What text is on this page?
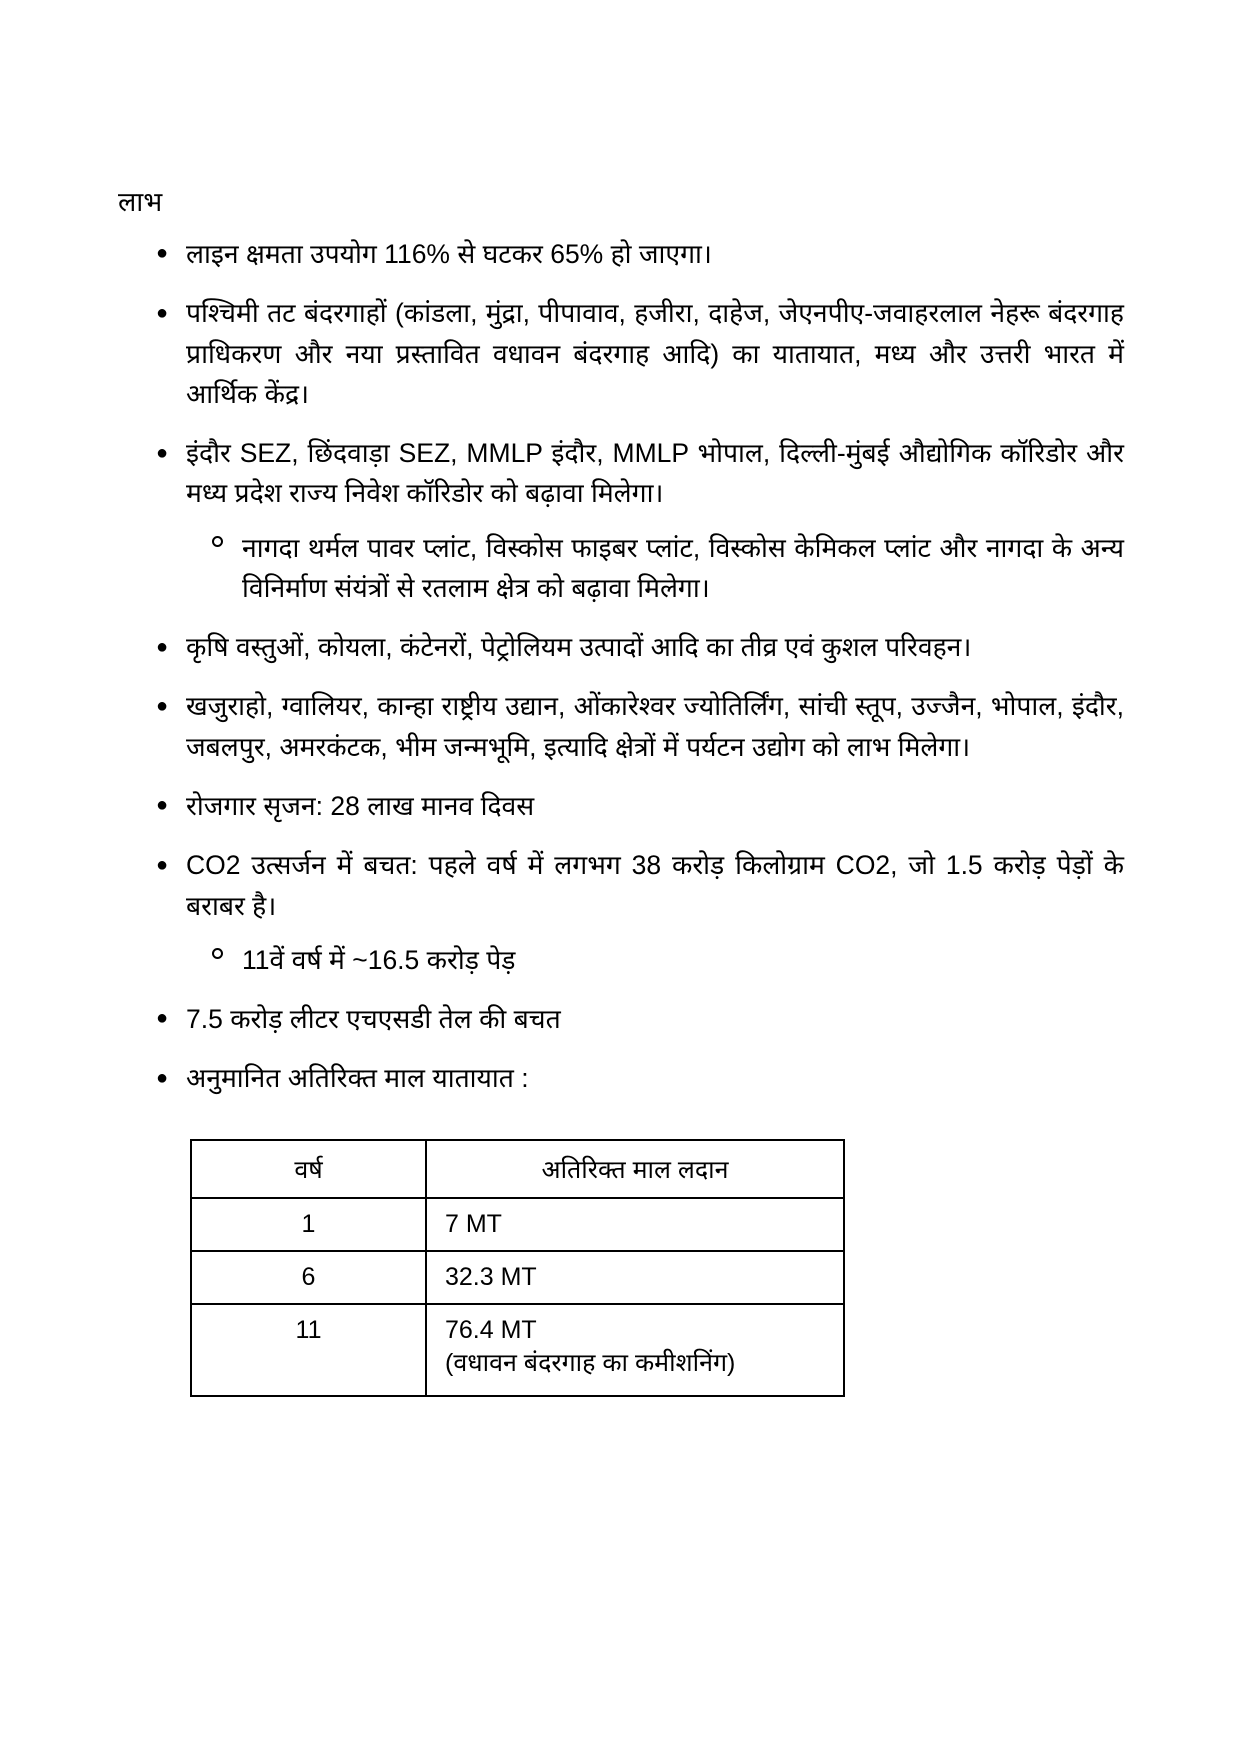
लाभ
● लाइन क्षमता उपयोग 116% से घटकर 65% हो जाएगा।
● पश्चिमी तट बंदरगाहों (कांडला, मुंद्रा, पीपावाव, हजीरा, दाहेज, जेएनपीए-जवाहरलाल नेहरू बंदरगाह प्राधिकरण और नया प्रस्तावित वधावन बंदरगाह आदि) का यातायात, मध्य और उत्तरी भारत में आर्थिक केंद्र।
● इंदौर SEZ, छिंदवाड़ा SEZ, MMLP इंदौर, MMLP भोपाल, दिल्ली-मुंबई औद्योगिक कॉरिडोर और मध्य प्रदेश राज्य निवेश कॉरिडोर को बढ़ावा मिलेगा।
नागदा थर्मल पावर प्लांट, विस्कोस फाइबर प्लांट, विस्कोस केमिकल प्लांट और नागदा के अन्य विनिर्माण संयंत्रों से रतलाम क्षेत्र को बढ़ावा मिलेगा।
● कृषि वस्तुओं, कोयला, कंटेनरों, पेट्रोलियम उत्पादों आदि का तीव्र एवं कुशल परिवहन।
● खजुराहो, ग्वालियर, कान्हा राष्ट्रीय उद्यान, ओंकारेश्वर ज्योतिर्लिंग, सांची स्तूप, उज्जैन, भोपाल, इंदौर, जबलपुर, अमरकंटक, भीम जन्मभूमि, इत्यादि क्षेत्रों में पर्यटन उद्योग को लाभ मिलेगा।
● रोजगार सृजन: 28 लाख मानव दिवस
● CO2 उत्सर्जन में बचत: पहले वर्ष में लगभग 38 करोड़ किलोग्राम CO2, जो 1.5 करोड़ पेड़ों के बराबर है।
11वें वर्ष में ~16.5 करोड़ पेड़
● 7.5 करोड़ लीटर एचएसडी तेल की बचत
● अनुमानित अतिरिक्त माल यातायात :
वर्ष	अतिरिक्त माल लदान
1	7 MT
6	32.3 MT
11	76.4 MT
(वधावन बंदरगाह का कमीशनिंग)
